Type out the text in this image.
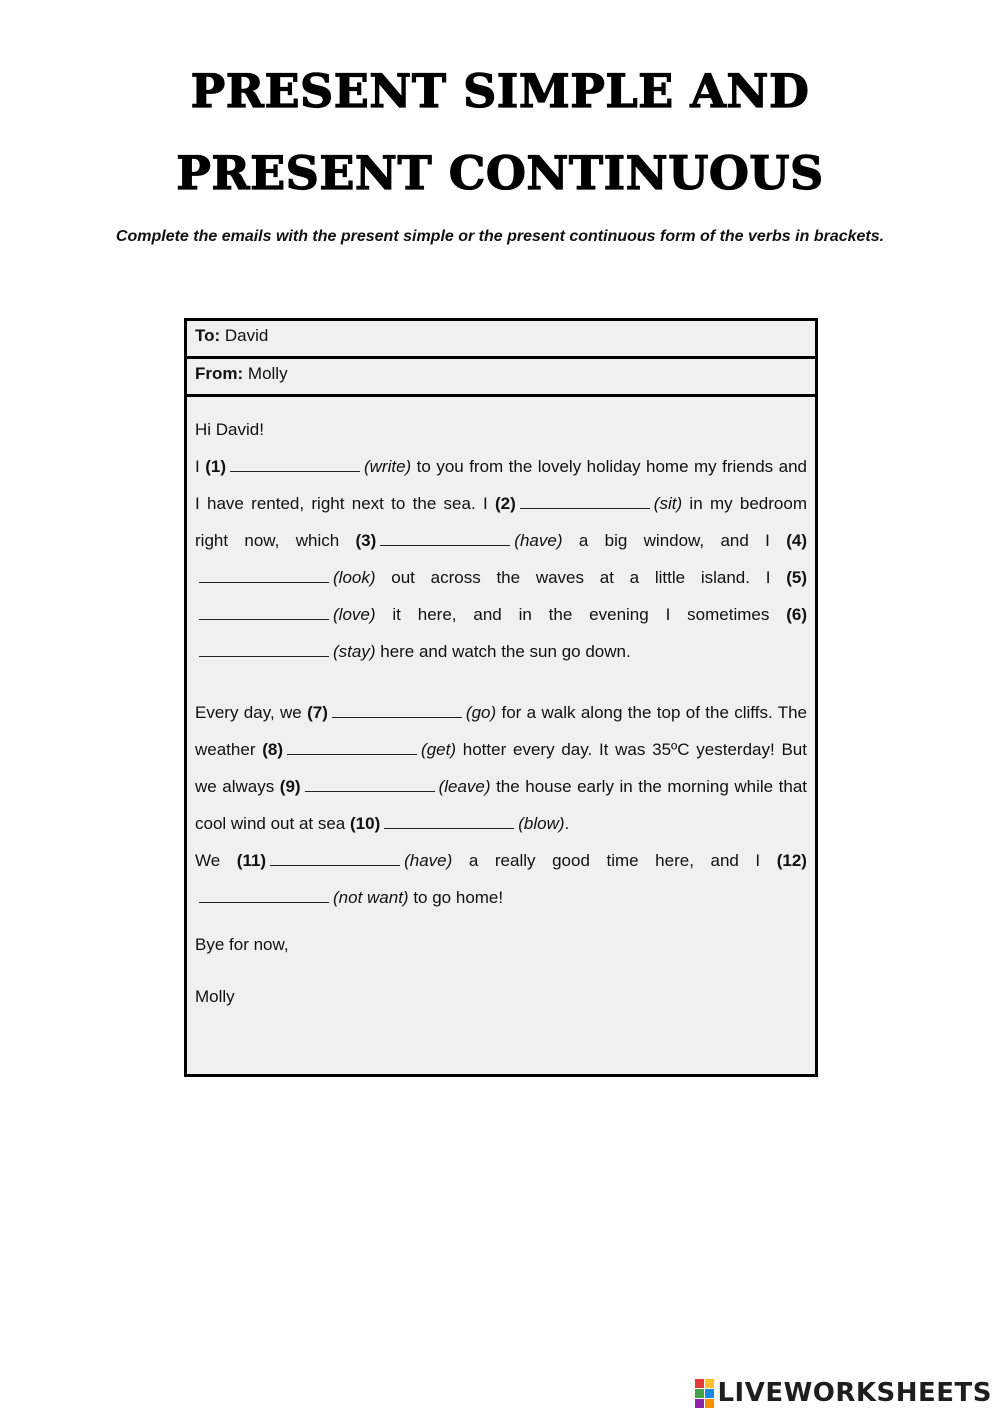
PRESENT SIMPLE AND
PRESENT CONTINUOUS
Complete the emails with the present simple or the present continuous form of the verbs in brackets.
To: David
From: Molly

Hi David!

I (1)	(write) to you from the lovely holiday home my friends and I have rented, right next to the sea. I (2)	(sit) in my bedroom right now, which (3)	(have) a big window, and I (4)(look) out across the waves at a little island. I (5)(love) it here, and in the evening I sometimes (6)(stay) here and watch the sun go down.

Every day, we (7)	(go) for a walk along the top of the cliffs. The weather (8)	(get) hotter every day. It was 35ºC yesterday! But we always (9)	(leave) the house early in the morning while that cool wind out at sea (10)	(blow).

We (11)	(have) a really good time here, and I (12)(not want) to go home!

Bye for now,

Molly

LIVEWORKSHEETS
